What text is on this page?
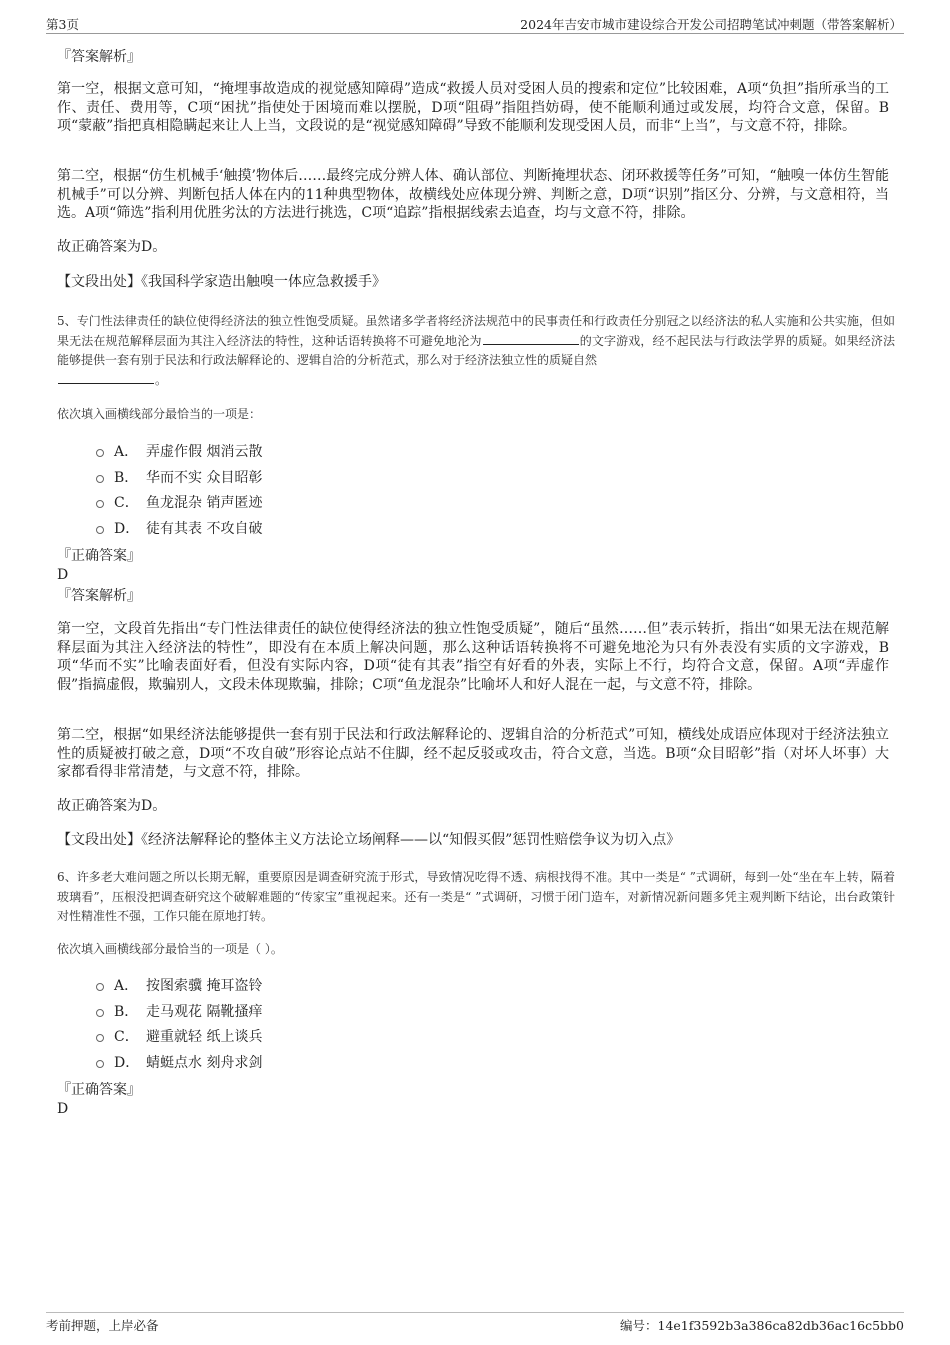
第3页	2024年吉安市城市建设综合开发公司招聘笔试冲刺题（带答案解析）
『答案解析』
第一空，根据文意可知，“掩埋事故造成的视觉感知障碍”造成“救援人员对受困人员的搜索和定位”比较困难，A项“负担”指所承当的工作、责任、费用等，C项“困扰”指使处于困境而难以摆脱，D项“阻碍”指阻挡妨碍，使不能顺利通过或发展，均符合文意，保留。B项“蒙蔽”指把真相隐瞒起来让人上当，文段说的是“视觉感知障碍”导致不能顺利发现受困人员，而非“上当”，与文意不符，排除。
第二空，根据“仿生机械手‘触摸’物体后……最终完成分辨人体、确认部位、判断掩埋状态、闭环救援等任务”可知，“触嗅一体仿生智能机械手”可以分辨、判断包括人体在内的11种典型物体，故横线处应体现分辨、判断之意，D项“识别”指区分、分辨，与文意相符，当选。A项“筛选”指利用优胜劣汰的方法进行挑选，C项“追踪”指根据线索去追查，均与文意不符，排除。
故正确答案为D。
【文段出处】《我国科学家造出触嗅一体应急救援手》
5、专门性法律责任的缺位使得经济法的独立性饱受质疑。虽然诸多学者将经济法规范中的民事责任和行政责任分别冠之以经济法的私人实施和公共实施，但如果无法在规范解释层面为其注入经济法的特性，这种话语转换将不可避免地沦为	的文字游戏，经不起民法与行政法学界的质疑。如果经济法能够提供一套有别于民法和行政法解释论的、逻辑自洽的分析范式，那么对于经济法独立性的质疑自然
。
依次填入画横线部分最恰当的一项是：
A． 弄虚作假 烟消云散
B． 华而不实 众目昭彰
C． 鱼龙混杂 销声匿迹
D． 徒有其表 不攻自破
『正确答案』
D
『答案解析』
第一空，文段首先指出“专门性法律责任的缺位使得经济法的独立性饱受质疑”，随后“虽然……但”表示转折，指出“如果无法在规范解释层面为其注入经济法的特性”，即没有在本质上解决问题，那么这种话语转换将不可避免地沦为只有外表没有实质的文字游戏，B项“华而不实”比喻表面好看，但没有实际内容，D项“徒有其表”指空有好看的外表，实际上不行，均符合文意，保留。A项“弄虚作假”指搞虚假，欺骗别人，文段未体现欺骗，排除；C项“鱼龙混杂”比喻坏人和好人混在一起，与文意不符，排除。
第二空，根据“如果经济法能够提供一套有别于民法和行政法解释论的、逻辑自洽的分析范式”可知，横线处成语应体现对于经济法独立性的质疑被打破之意，D项“不攻自破”形容论点站不住脚，经不起反驳或攻击，符合文意，当选。B项“众目昭彰”指（对坏人坏事）大家都看得非常清楚，与文意不符，排除。
故正确答案为D。
【文段出处】《经济法解释论的整体主义方法论立场阐释——以“知假买假”惩罚性赔偿争议为切入点》
6、许多老大难问题之所以长期无解，重要原因是调查研究流于形式，导致情况吃得不透、病根找得不准。其中一类是“ ”式调研，每到一处“坐在车上转，隔着玻璃看”，压根没把调查研究这个破解难题的“传家宝”重视起来。还有一类是“ ”式调研，习惯于闭门造车，对新情况新问题多凭主观判断下结论，出台政策针对性精准性不强，工作只能在原地打转。
依次填入画横线部分最恰当的一项是（ ）。
A． 按图索骥 掩耳盗铃
B． 走马观花 隔靴搔痒
C． 避重就轻 纸上谈兵
D． 蜻蜓点水 刻舟求剑
『正确答案』
D
考前押题，上岸必备	编号：14e1f3592b3a386ca82db36ac16c5bb0
